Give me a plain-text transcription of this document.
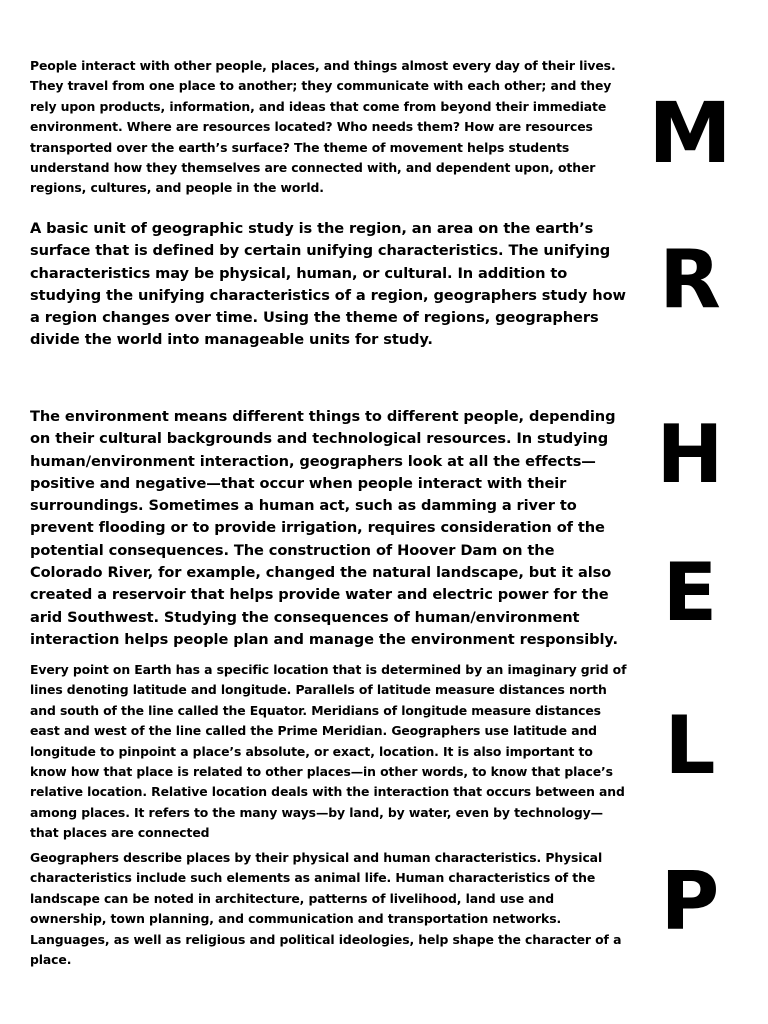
People interact with other people, places, and things almost every day of their lives. They travel from one place to another; they communicate with each other; and they rely upon products, information, and ideas that come from beyond their immediate environment. Where are resources located? Who needs them? How are resources transported over the earth’s surface? The theme of movement helps students understand how they themselves are connected with, and dependent upon, other regions, cultures, and people in the world.

A basic unit of geographic study is the region, an area on the earth’s surface that is defined by certain unifying characteristics. The unifying characteristics may be physical, human, or cultural. In addition to studying the unifying characteristics of a region, geographers study how a region changes over time. Using the theme of regions, geographers divide the world into manageable units for study.

The environment means different things to different people, depending on their cultural backgrounds and technological resources. In studying human/environment interaction, geographers look at all the effects—positive and negative—that occur when people interact with their surroundings. Sometimes a human act, such as damming a river to prevent flooding or to provide irrigation, requires consideration of the potential consequences. The construction of Hoover Dam on the Colorado River, for example, changed the natural landscape, but it also created a reservoir that helps provide water and electric power for the arid Southwest. Studying the consequences of human/environment interaction helps people plan and manage the environment responsibly.

Every point on Earth has a specific location that is determined by an imaginary grid of lines denoting latitude and longitude. Parallels of latitude measure distances north and south of the line called the Equator. Meridians of longitude measure distances east and west of the line called the Prime Meridian. Geographers use latitude and longitude to pinpoint a place’s absolute, or exact, location. It is also important to know how that place is related to other places—in other words, to know that place’s relative location. Relative location deals with the interaction that occurs between and among places. It refers to the many ways—by land, by water, even by technology—that places are connected

Geographers describe places by their physical and human characteristics. Physical characteristics include such elements as animal life. Human characteristics of the landscape can be noted in architecture, patterns of livelihood, land use and ownership, town planning, and communication and transportation networks. Languages, as well as religious and political ideologies, help shape the character of a place.

M
R
H
E
L
P
